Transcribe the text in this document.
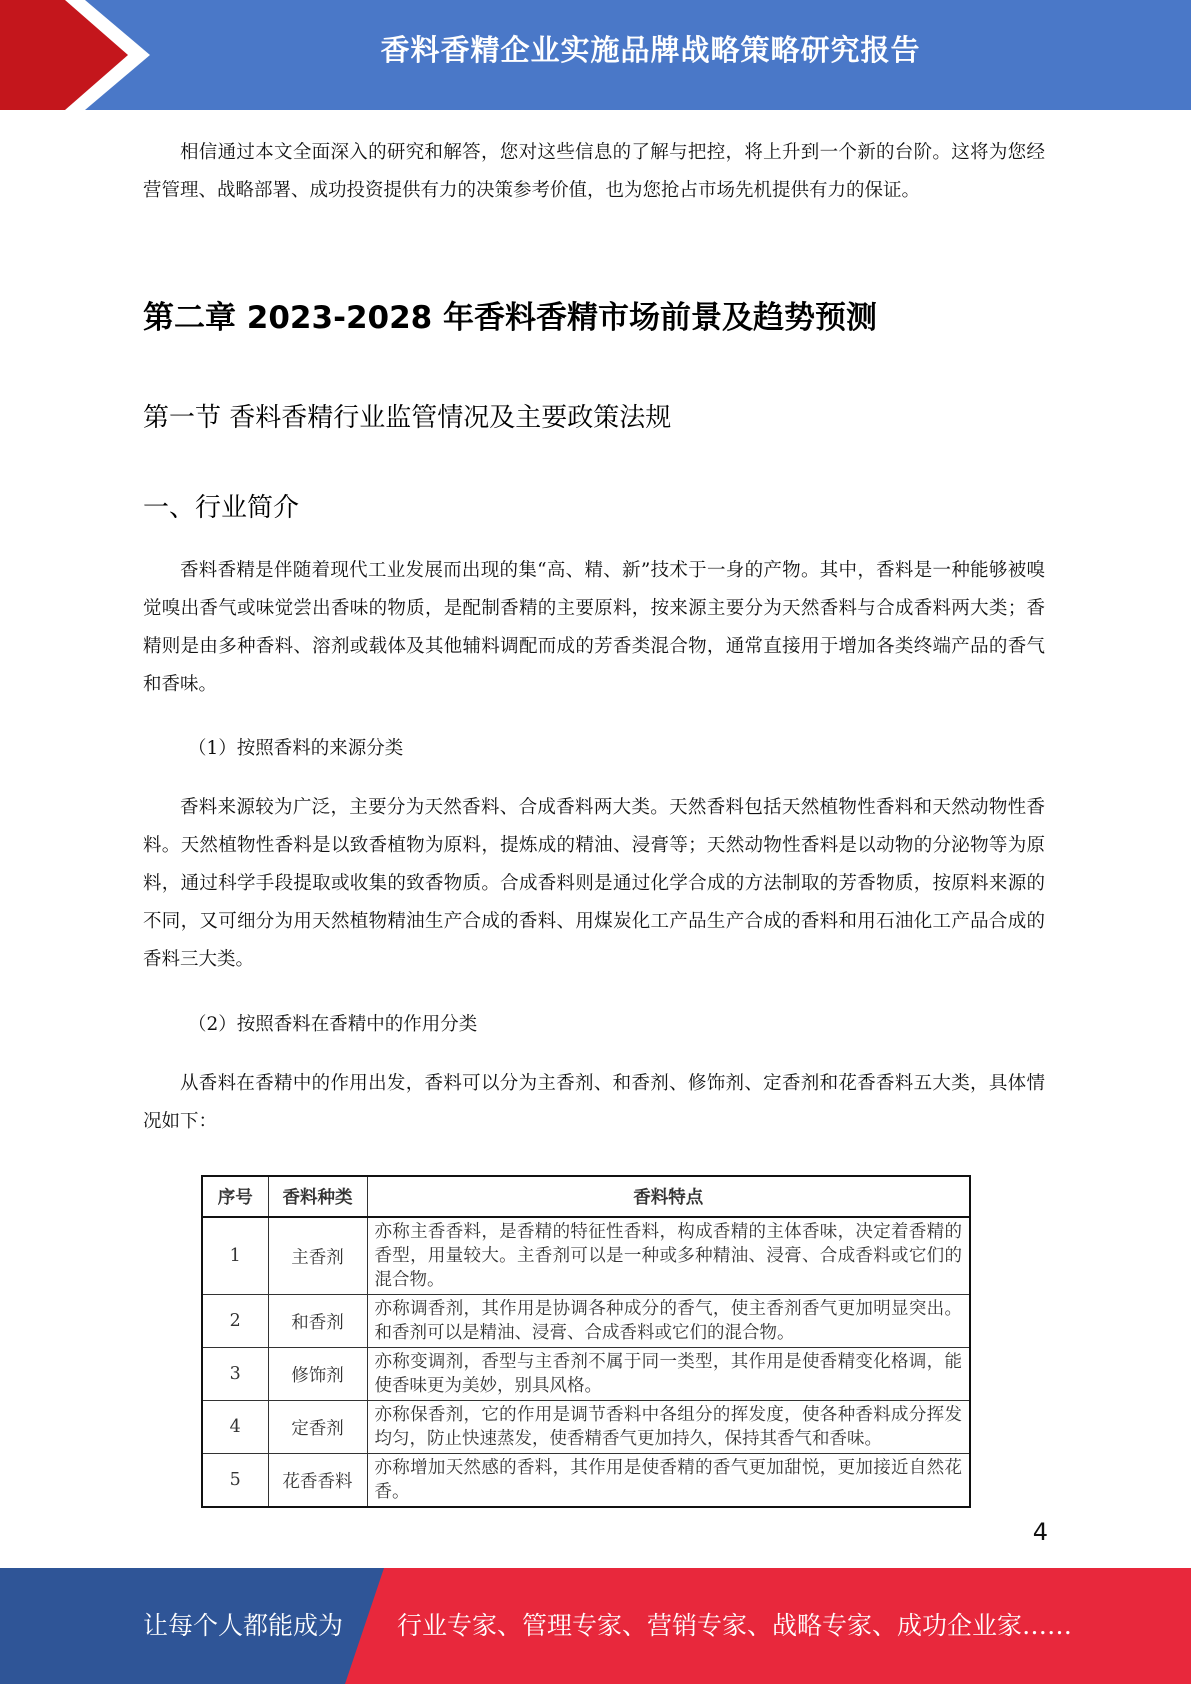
香料香精企业实施品牌战略策略研究报告

相信通过本文全面深入的研究和解答，您对这些信息的了解与把控，将上升到一个新的台阶。这将为您经营管理、战略部署、成功投资提供有力的决策参考价值，也为您抢占市场先机提供有力的保证。

第二章 2023-2028 年香料香精市场前景及趋势预测
第一节 香料香精行业监管情况及主要政策法规
一、行业简介

香料香精是伴随着现代工业发展而出现的集“高、精、新”技术于一身的产物。其中，香料是一种能够被嗅觉嗅出香气或味觉尝出香味的物质，是配制香精的主要原料，按来源主要分为天然香料与合成香料两大类；香精则是由多种香料、溶剂或载体及其他辅料调配而成的芳香类混合物，通常直接用于增加各类终端产品的香气和香味。

（1）按照香料的来源分类

香料来源较为广泛，主要分为天然香料、合成香料两大类。天然香料包括天然植物性香料和天然动物性香料。天然植物性香料是以致香植物为原料，提炼成的精油、浸膏等；天然动物性香料是以动物的分泌物等为原料，通过科学手段提取或收集的致香物质。合成香料则是通过化学合成的方法制取的芳香物质，按原料来源的不同，又可细分为用天然植物精油生产合成的香料、用煤炭化工产品生产合成的香料和用石油化工产品合成的香料三大类。

（2）按照香料在香精中的作用分类

从香料在香精中的作用出发，香料可以分为主香剂、和香剂、修饰剂、定香剂和花香香料五大类，具体情况如下：

序号	香料种类	香料特点
1	主香剂	亦称主香香料，是香精的特征性香料，构成香精的主体香味，决定着香精的香型，用量较大。主香剂可以是一种或多种精油、浸膏、合成香料或它们的混合物。
2	和香剂	亦称调香剂，其作用是协调各种成分的香气，使主香剂香气更加明显突出。和香剂可以是精油、浸膏、合成香料或它们的混合物。
3	修饰剂	亦称变调剂，香型与主香剂不属于同一类型，其作用是使香精变化格调，能使香味更为美妙，别具风格。
4	定香剂	亦称保香剂，它的作用是调节香料中各组分的挥发度，使各种香料成分挥发均匀，防止快速蒸发，使香精香气更加持久，保持其香气和香味。
5	花香香料	亦称增加天然感的香料，其作用是使香精的香气更加甜悦，更加接近自然花香。
4
让每个人都能成为 行业专家、管理专家、营销专家、战略专家、成功企业家……
